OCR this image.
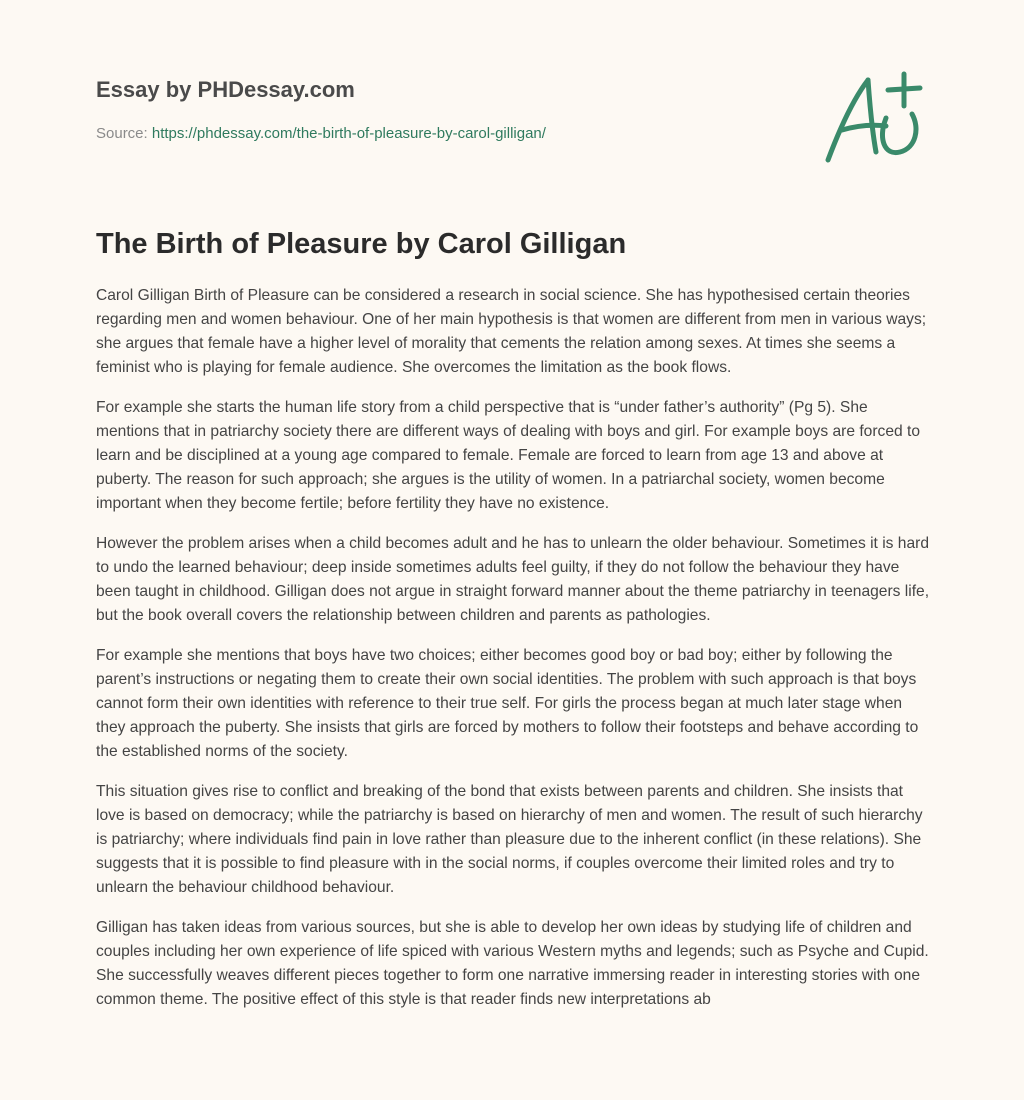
Essay by PHDessay.com
Source: https://phdessay.com/the-birth-of-pleasure-by-carol-gilligan/
The Birth of Pleasure by Carol Gilligan

Carol Gilligan Birth of Pleasure can be considered a research in social science. She has hypothesised certain theories regarding men and women behaviour. One of her main hypothesis is that women are different from men in various ways; she argues that female have a higher level of morality that cements the relation among sexes. At times she seems a feminist who is playing for female audience. She overcomes the limitation as the book flows.

For example she starts the human life story from a child perspective that is “under father’s authority” (Pg 5). She mentions that in patriarchy society there are different ways of dealing with boys and girl. For example boys are forced to learn and be disciplined at a young age compared to female. Female are forced to learn from age 13 and above at puberty. The reason for such approach; she argues is the utility of women. In a patriarchal society, women become important when they become fertile; before fertility they have no existence.

However the problem arises when a child becomes adult and he has to unlearn the older behaviour. Sometimes it is hard to undo the learned behaviour; deep inside sometimes adults feel guilty, if they do not follow the behaviour they have been taught in childhood. Gilligan does not argue in straight forward manner about the theme patriarchy in teenagers life, but the book overall covers the relationship between children and parents as pathologies.

For example she mentions that boys have two choices; either becomes good boy or bad boy; either by following the parent’s instructions or negating them to create their own social identities. The problem with such approach is that boys cannot form their own identities with reference to their true self. For girls the process began at much later stage when they approach the puberty. She insists that girls are forced by mothers to follow their footsteps and behave according to the established norms of the society.

This situation gives rise to conflict and breaking of the bond that exists between parents and children. She insists that love is based on democracy; while the patriarchy is based on hierarchy of men and women. The result of such hierarchy is patriarchy; where individuals find pain in love rather than pleasure due to the inherent conflict (in these relations). She suggests that it is possible to find pleasure with in the social norms, if couples overcome their limited roles and try to unlearn the behaviour childhood behaviour.

Gilligan has taken ideas from various sources, but she is able to develop her own ideas by studying life of children and couples including her own experience of life spiced with various Western myths and legends; such as Psyche and Cupid. She successfully weaves different pieces together to form one narrative immersing reader in interesting stories with one common theme. The positive effect of this style is that reader finds new interpretations ab
